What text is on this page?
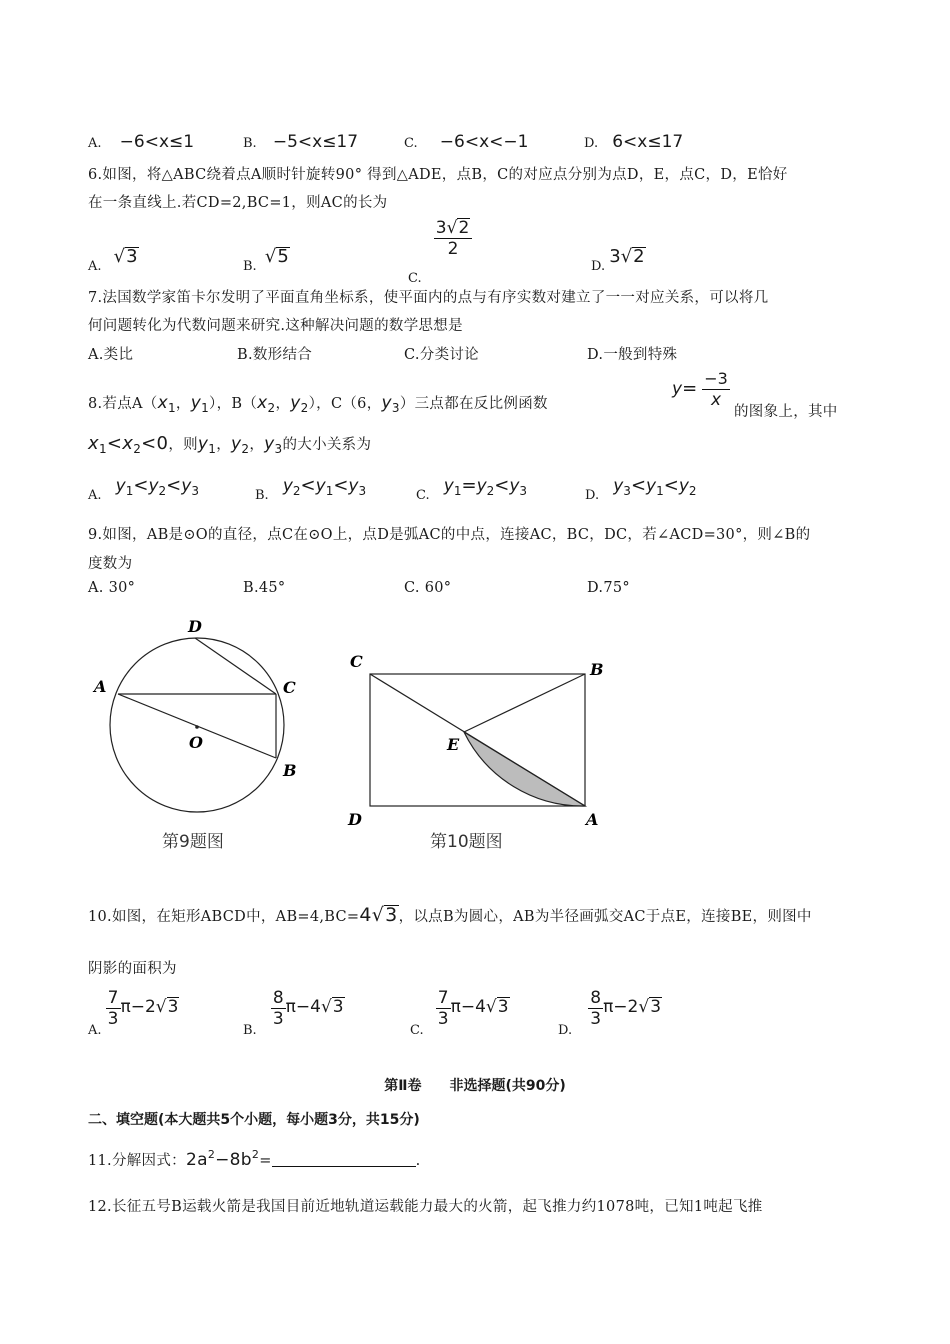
A. −6<x≤1	B. −5<x≤17	C. −6<x<−1	D. 6<x≤17
6.如图，将△ABC绕着点A顺时针旋转90° 得到△ADE，点B，C的对应点分别为点D，E，点C，D，E恰好
在一条直线上.若CD=2,BC=1，则AC的长为
A. √3	B. √5
C.
$\frac{3√2}{2}$
D. 3√2
7.法国数学家笛卡尔发明了平面直角坐标系，使平面内的点与有序实数对建立了一一对应关系，可以将几
何问题转化为代数问题来研究.这种解决问题的数学思想是
A.类比	B.数形结合	C.分类讨论	D.一般到特殊
8.若点$A(x_1$，$y_1$），$B(x_2$，$y_2$），C（6，$y_3$）三点都在反比例函数
$y= \frac{-3}{x}$
的图象上，其中
$x_1<x_2<0$，则$y_1$，$y_2$，$y_3$的大小关系为
A. $y_1<y_2<y_3$	B. $y_2<y_1<y_3$	C. $y_1=y_2<y_3$	D. $y_3<y_1<y_2$
9.如图，AB是⊙O的直径，点C在⊙O上，点D是弧AC的中点，连接AC，BC，DC，若∠ACD=30°，则∠B的
度数为
A. 30°	B.45°	C. 60°	D.75°
D
A	C
O
B
第9题图
C	B
E
D	A
第10题图
10.如图，在矩形ABCD中，AB=4,BC=4√3，以点B为圆心，AB为半径画弧交AC于点E，连接BE，则图中
阴影的面积为
A.
$\frac{7}{3} \pi-2√3$
B.
$\frac{8}{3} \pi-4√3$
C.
$\frac{7}{3} \pi-4√3$
D.
$\frac{8}{3} \pi-2√3$
第Ⅱ卷　　非选择题(共90分)
二、填空题(本大题共5个小题，每小题3分，共15分)
11.分解因式：$2a^2-8b^2=$	.
12.长征五号B运载火箭是我国目前近地轨道运载能力最大的火箭，起飞推力约1078吨，已知1吨起飞推
